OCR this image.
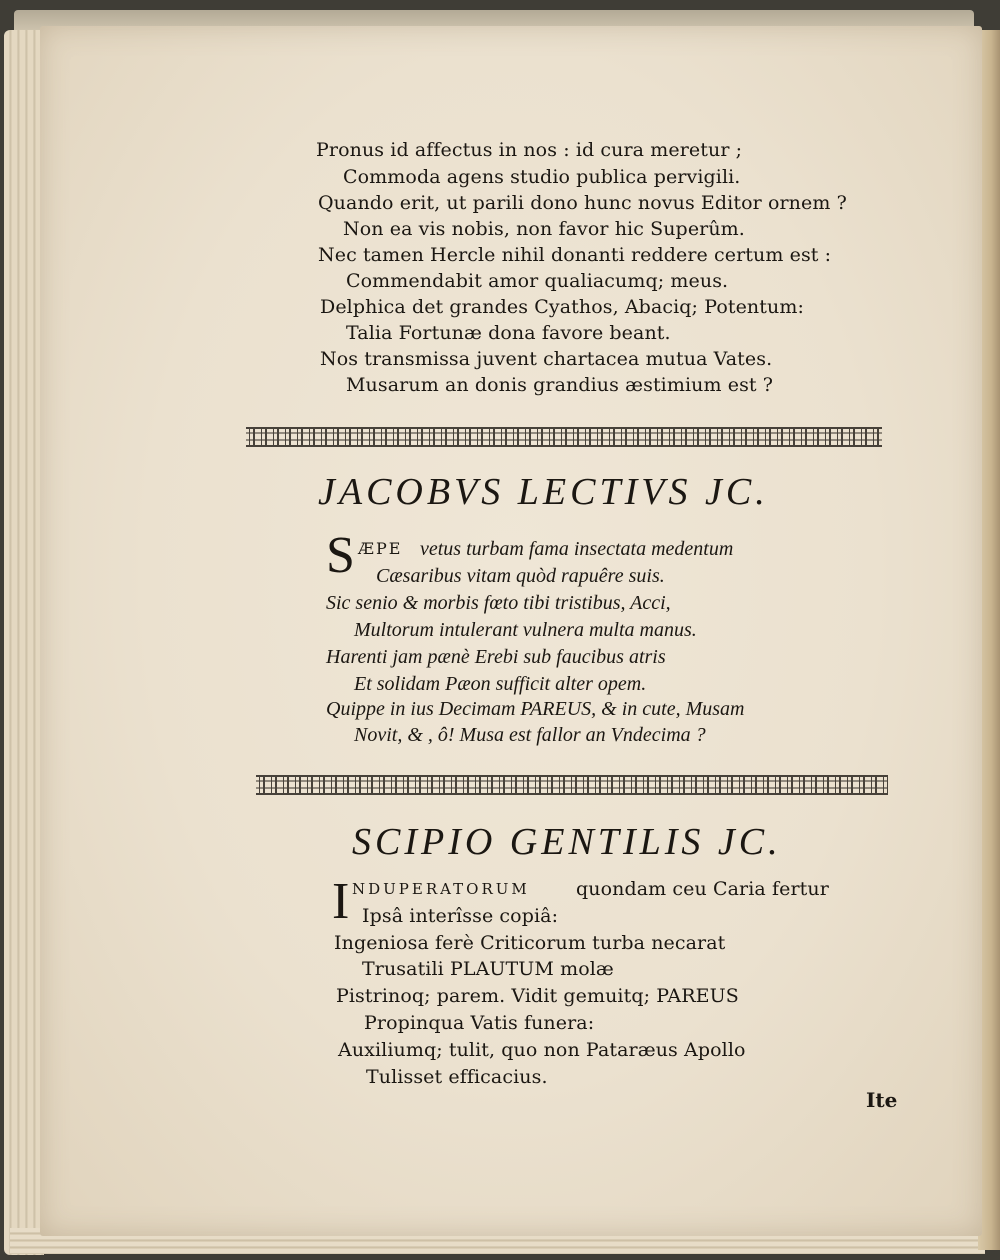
Pronus id affectus in nos : id cura meretur ;
Commoda agens studio publica pervigili.
Quando erit, ut parili dono hunc novus Editor ornem ?
Non ea vis nobis, non favor hic Superûm.
Nec tamen Hercle nihil donanti reddere certum est :
Commendabit amor qualiacumq; meus.
Delphica det grandes Cyathos, Abaciq; Potentum:
Talia Fortunæ dona favore beant.
Nos transmissa juvent chartacea mutua Vates.
Musarum an donis grandius æstimium est ?
JACOBVS LECTIVS JC.
S ÆPE vetus turbam fama insectata medentum
Cæsaribus vitam quòd rapuêre suis.
Sic senio & morbis fœto tibi tristibus, Acci,
Multorum intulerant vulnera multa manus.
Harenti jam pænè Erebi sub faucibus atris
Et solidam Pæon sufficit alter opem.
Quippe in ius Decimam PAREUS, & in cute, Musam
Novit, & , ô! Musa est fallor an Vndecima ?
SCIPIO GENTILIS JC.
I NDUPERATORUM quondam ceu Caria fertur
Ipsâ interîsse copiâ:
Ingeniosa ferè Criticorum turba necarat
Trusatili PLAUTUM molæ
Pistrinoq; parem. Vidit gemuitq; PAREUS
Propinqua Vatis funera:
Auxiliumq; tulit, quo non Pataræus Apollo
Tulisset efficacius.
Ite
